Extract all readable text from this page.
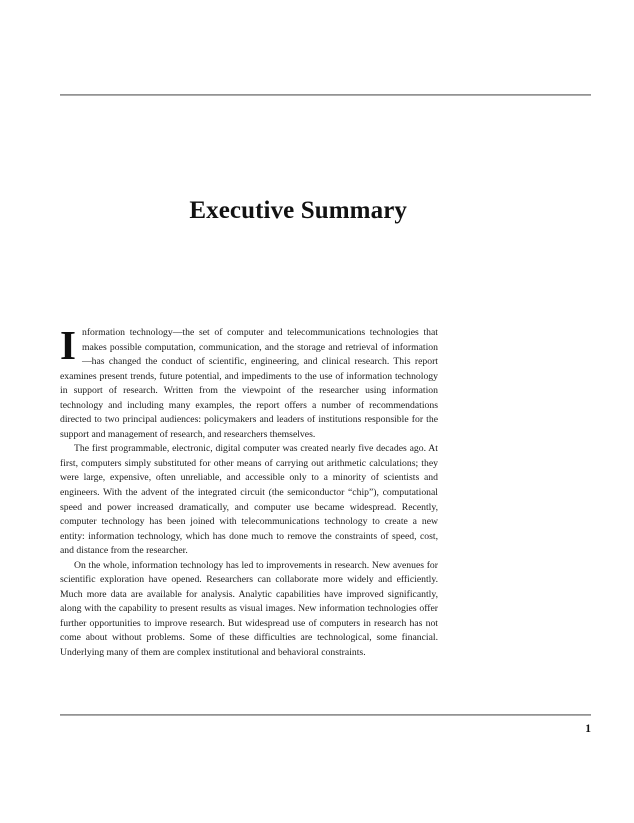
Executive Summary

Information technology—the set of computer and telecommunications technologies that makes possible computation, communication, and the storage and retrieval of information—has changed the conduct of scientific, engineering, and clinical research. This report examines present trends, future potential, and impediments to the use of information technology in support of research. Written from the viewpoint of the researcher using information technology and including many examples, the report offers a number of recommendations directed to two principal audiences: policymakers and leaders of institutions responsible for the support and management of research, and researchers themselves.

The first programmable, electronic, digital computer was created nearly five decades ago. At first, computers simply substituted for other means of carrying out arithmetic calculations; they were large, expensive, often unreliable, and accessible only to a minority of scientists and engineers. With the advent of the integrated circuit (the semiconductor “chip”), computational speed and power increased dramatically, and computer use became widespread. Recently, computer technology has been joined with telecommunications technology to create a new entity: information technology, which has done much to remove the constraints of speed, cost, and distance from the researcher.

On the whole, information technology has led to improvements in research. New avenues for scientific exploration have opened. Researchers can collaborate more widely and efficiently. Much more data are available for analysis. Analytic capabilities have improved significantly, along with the capability to present results as visual images. New information technologies offer further opportunities to improve research. But widespread use of computers in research has not come about without problems. Some of these difficulties are technological, some financial. Underlying many of them are complex institutional and behavioral constraints.

1
